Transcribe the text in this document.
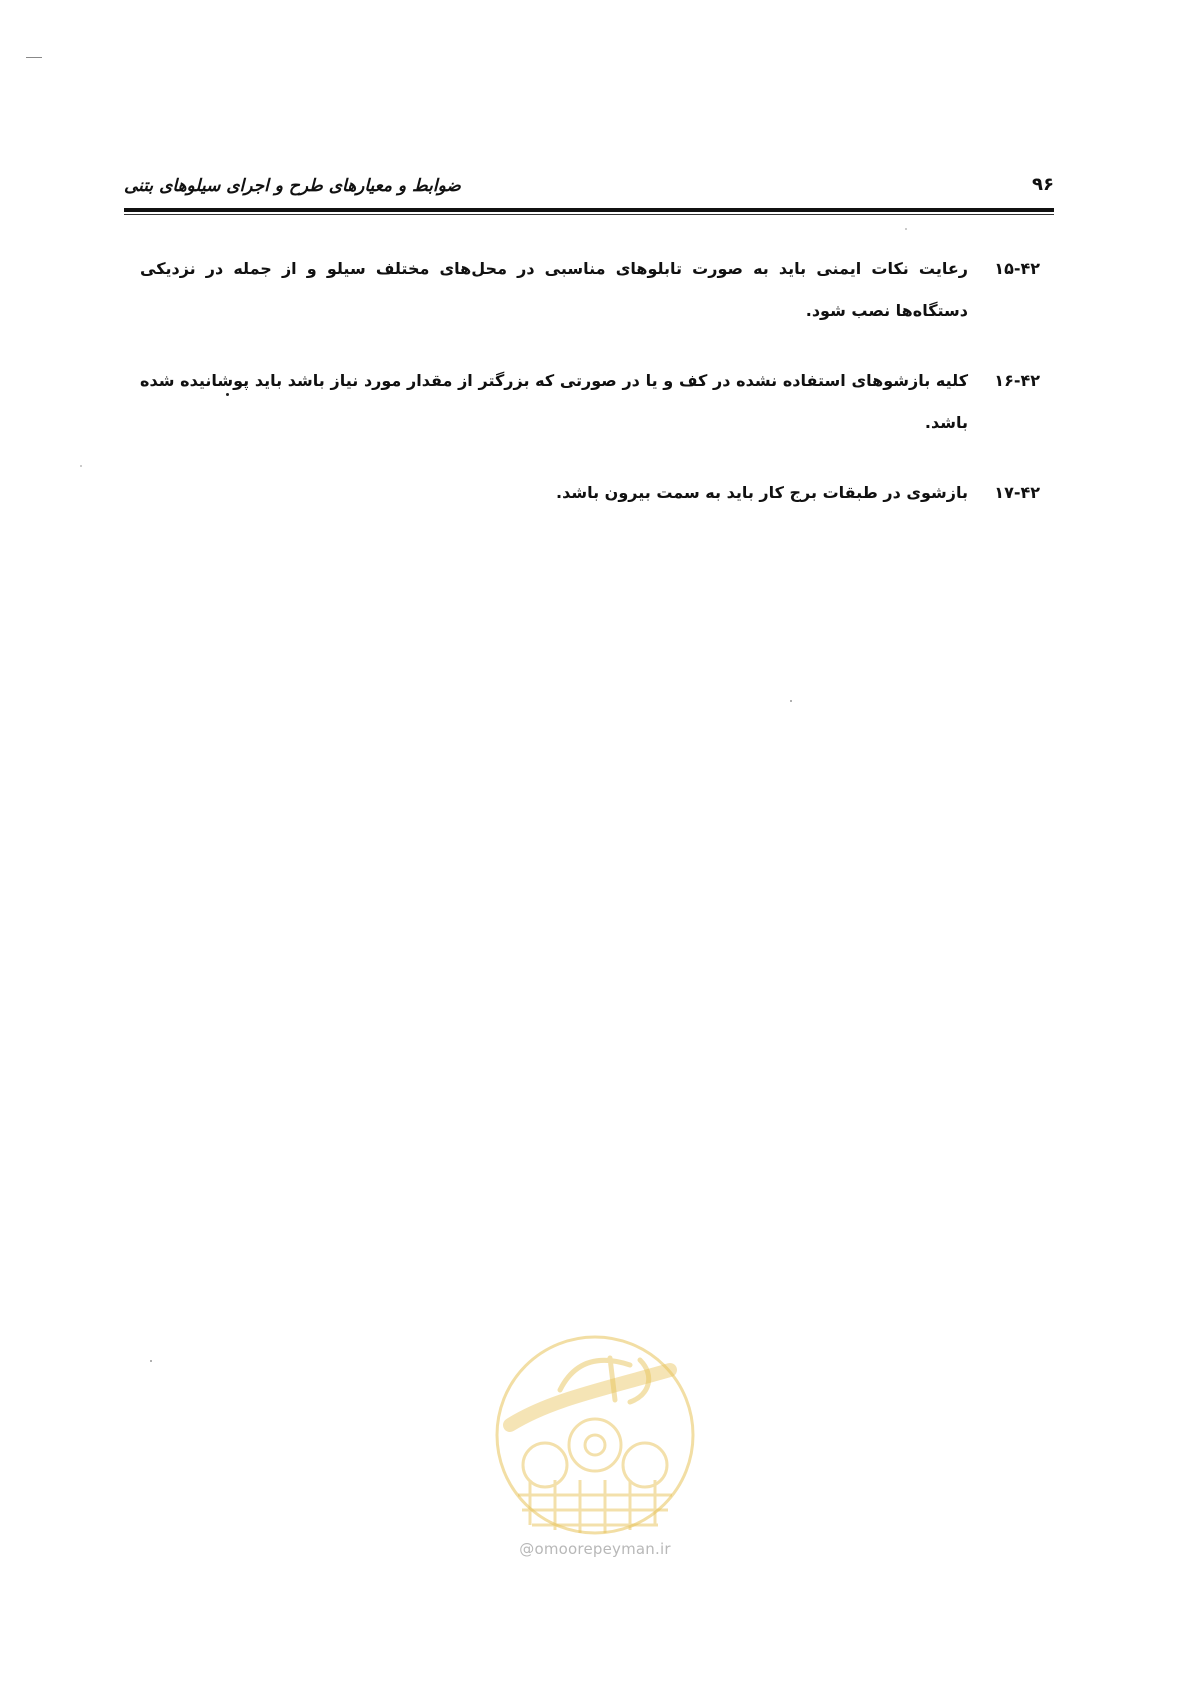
۹۶
ضوابط و معیارهای طرح و اجرای سیلوهای بتنی
۱۵-۴۲
رعایت نکات ایمنی باید به صورت تابلوهای مناسبی در محل‌های مختلف سیلو و از جمله در نزدیکی دستگاه‌ها نصب شود.
۱۶-۴۲
کلیه بازشوهای استفاده نشده در کف و یا در صورتی که بزرگتر از مقدار مورد نیاز باشد باید پوشانیده شده باشد.
۱۷-۴۲
بازشوی در طبقات برج کار باید به سمت بیرون باشد.
@omoorepeyman.ir
